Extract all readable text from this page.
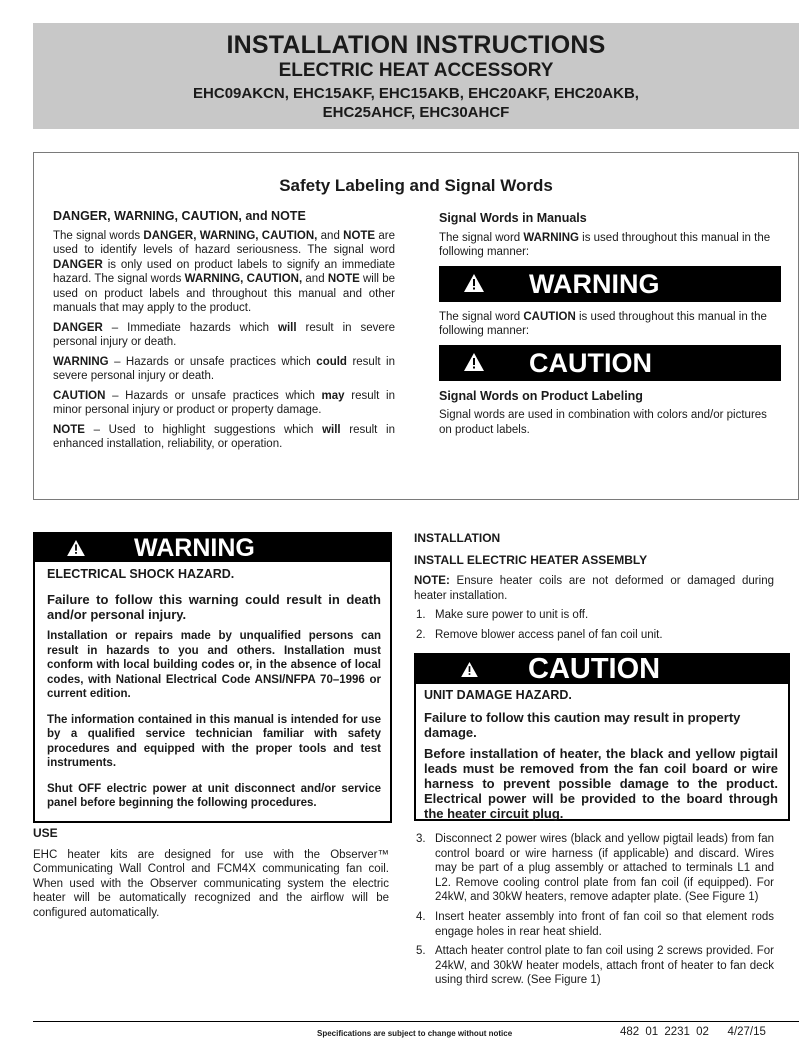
INSTALLATION INSTRUCTIONS
ELECTRIC HEAT ACCESSORY
EHC09AKCN, EHC15AKF, EHC15AKB, EHC20AKF, EHC20AKB,
EHC25AHCF, EHC30AHCF
Safety Labeling and Signal Words
DANGER, WARNING, CAUTION, and NOTE
The signal words DANGER, WARNING, CAUTION, and NOTE are used to identify levels of hazard seriousness. The signal word DANGER is only used on product labels to signify an immediate hazard. The signal words WARNING, CAUTION, and NOTE will be used on product labels and throughout this manual and other manuals that may apply to the product.
DANGER – Immediate hazards which will result in severe personal injury or death.
WARNING – Hazards or unsafe practices which could result in severe personal injury or death.
CAUTION – Hazards or unsafe practices which may result in minor personal injury or product or property damage.
NOTE – Used to highlight suggestions which will result in enhanced installation, reliability, or operation.
Signal Words in Manuals
The signal word WARNING is used throughout this manual in the following manner:
WARNING
The signal word CAUTION is used throughout this manual in the following manner:
CAUTION
Signal Words on Product Labeling
Signal words are used in combination with colors and/or pictures on product labels.
WARNING
ELECTRICAL SHOCK HAZARD.
Failure to follow this warning could result in death and/or personal injury.
Installation or repairs made by unqualified persons can result in hazards to you and others. Installation must conform with local building codes or, in the absence of local codes, with National Electrical Code ANSI/NFPA 70–1996 or current edition.
The information contained in this manual is intended for use by a qualified service technician familiar with safety procedures and equipped with the proper tools and test instruments.
Shut OFF electric power at unit disconnect and/or service panel before beginning the following procedures.
USE
EHC heater kits are designed for use with the Observer™ Communicating Wall Control and FCM4X communicating fan coil. When used with the Observer communicating system the electric heater will be automatically recognized and the airflow will be configured automatically.
INSTALLATION
INSTALL ELECTRIC HEATER ASSEMBLY
NOTE: Ensure heater coils are not deformed or damaged during heater installation.
1. Make sure power to unit is off.
2. Remove blower access panel of fan coil unit.
CAUTION
UNIT DAMAGE HAZARD.
Failure to follow this caution may result in property damage.
Before installation of heater, the black and yellow pigtail leads must be removed from the fan coil board or wire harness to prevent possible damage to the product. Electrical power will be provided to the board through the heater circuit plug.
3. Disconnect 2 power wires (black and yellow pigtail leads) from fan control board or wire harness (if applicable) and discard. Wires may be part of a plug assembly or attached to terminals L1 and L2. Remove cooling control plate from fan coil (if equipped). For 24kW, and 30kW heaters, remove adapter plate. (See Figure 1)
4. Insert heater assembly into front of fan coil so that element rods engage holes in rear heat shield.
5. Attach heater control plate to fan coil using 2 screws provided. For 24kW, and 30kW heater models, attach front of heater to fan deck using third screw. (See Figure 1)
Specifications are subject to change without notice	482 01 2231 02 4/27/15
